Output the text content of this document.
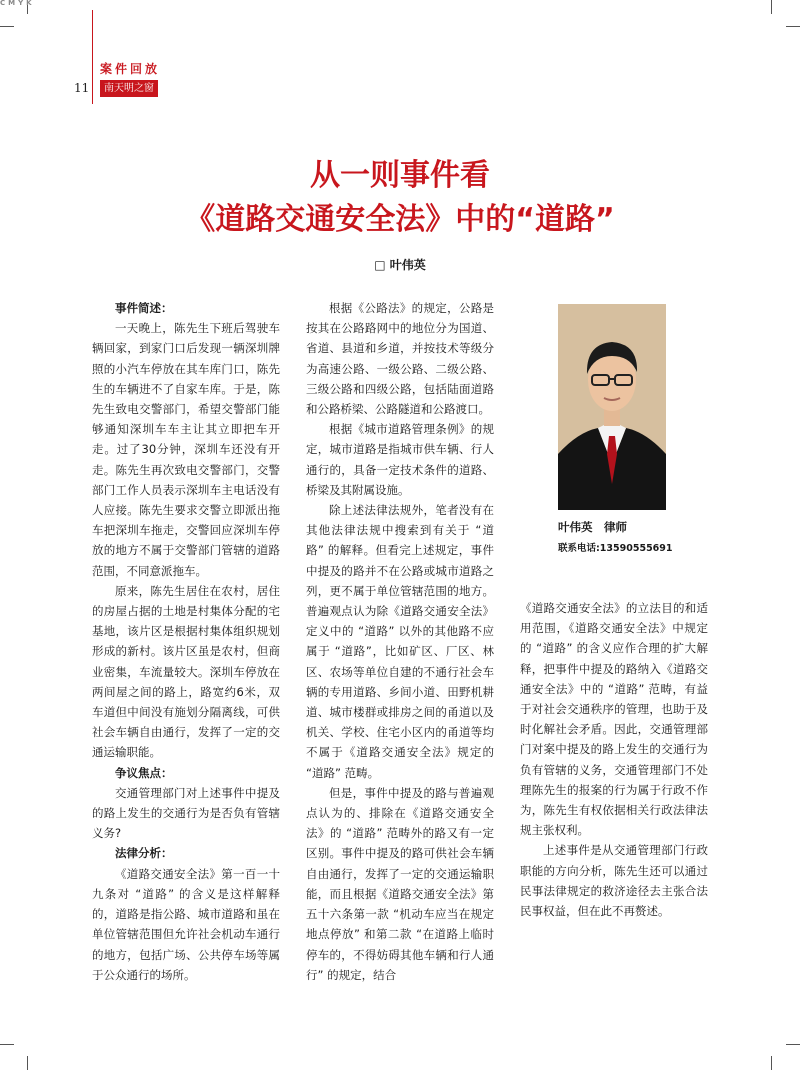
CMYK
案件回放
11	南天明之窗
从一则事件看
《道路交通安全法》中的“道路”
□ 叶伟英

事件简述：

一天晚上，陈先生下班后驾驶车辆回家，到家门口后发现一辆深圳牌照的小汽车停放在其车库门口，陈先生的车辆进不了自家车库。于是，陈先生致电交警部门，希望交警部门能够通知深圳车车主让其立即把车开走。过了30分钟，深圳车还没有开走。陈先生再次致电交警部门，交警部门工作人员表示深圳车主电话没有人应接。陈先生要求交警立即派出拖车把深圳车拖走，交警回应深圳车停放的地方不属于交警部门管辖的道路范围，不同意派拖车。

原来，陈先生居住在农村，居住的房屋占据的土地是村集体分配的宅基地，该片区是根据村集体组织规划形成的新村。该片区虽是农村，但商业密集，车流量较大。深圳车停放在两间屋之间的路上，路宽约6米，双车道但中间没有施划分隔离线，可供社会车辆自由通行，发挥了一定的交通运输职能。

争议焦点：

交通管理部门对上述事件中提及的路上发生的交通行为是否负有管辖义务?

法律分析：

《道路交通安全法》第一百一十九条对 “道路” 的含义是这样解释的，道路是指公路、城市道路和虽在单位管辖范围但允许社会机动车通行的地方，包括广场、公共停车场等属于公众通行的场所。

根据《公路法》的规定，公路是按其在公路路网中的地位分为国道、省道、县道和乡道，并按技术等级分为高速公路、一级公路、二级公路、三级公路和四级公路，包括陆面道路和公路桥梁、公路隧道和公路渡口。

根据《城市道路管理条例》的规定，城市道路是指城市供车辆、行人通行的，具备一定技术条件的道路、桥梁及其附属设施。

除上述法律法规外，笔者没有在其他法律法规中搜索到有关于 “道路” 的解释。但看完上述规定，事件中提及的路并不在公路或城市道路之列，更不属于单位管辖范围的地方。普遍观点认为除《道路交通安全法》定义中的 “道路” 以外的其他路不应属于 “道路”，比如矿区、厂区、林区、农场等单位自建的不通行社会车辆的专用道路、乡间小道、田野机耕道、城市楼群或排房之间的甬道以及机关、学校、住宅小区内的甬道等均不属于《道路交通安全法》规定的 “道路” 范畴。

但是，事件中提及的路与普遍观点认为的、排除在《道路交通安全法》的 “道路” 范畴外的路又有一定区别。事件中提及的路可供社会车辆自由通行，发挥了一定的交通运输职能，而且根据《道路交通安全法》第五十六条第一款 “机动车应当在规定地点停放” 和第二款 “在道路上临时停车的，不得妨碍其他车辆和行人通行” 的规定，结合

叶伟英　律师
联系电话:13590555691

《道路交通安全法》的立法目的和适用范围，《道路交通安全法》中规定的 “道路” 的含义应作合理的扩大解释，把事件中提及的路纳入《道路交通安全法》中的 “道路” 范畴，有益于对社会交通秩序的管理，也助于及时化解社会矛盾。因此，交通管理部门对案中提及的路上发生的交通行为负有管辖的义务，交通管理部门不处理陈先生的报案的行为属于行政不作为，陈先生有权依据相关行政法律法规主张权利。

上述事件是从交通管理部门行政职能的方向分析，陈先生还可以通过民事法律规定的救济途径去主张合法民事权益，但在此不再赘述。
